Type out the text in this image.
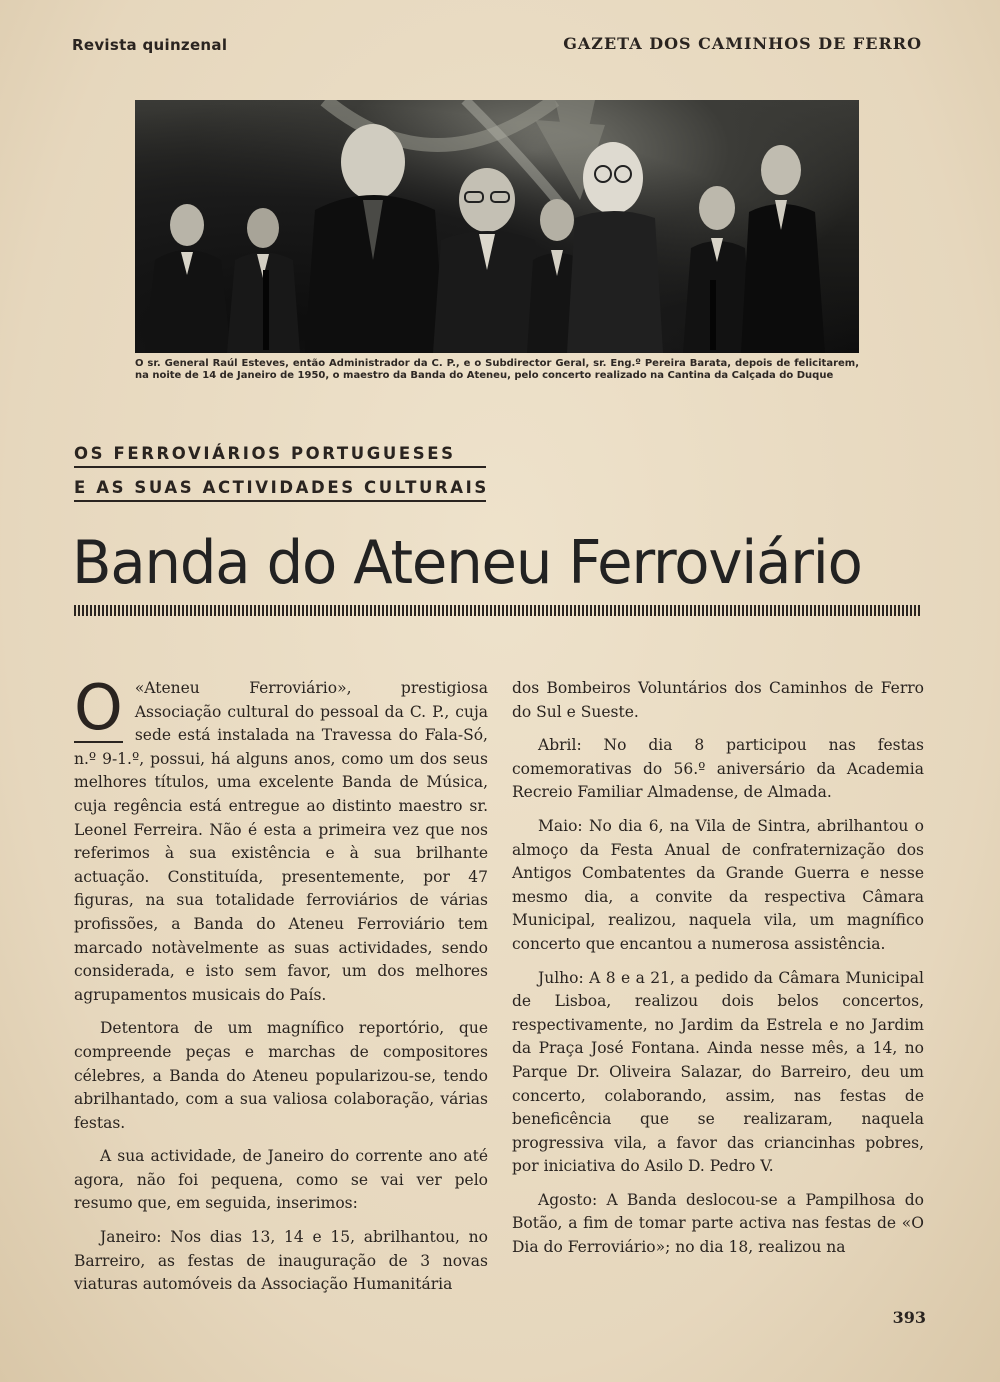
Revista quinzenal	GAZETA DOS CAMINHOS DE FERRO
O sr. General Raúl Esteves, então Administrador da C. P., e o Subdirector Geral, sr. Eng.º Pereira Barata, depois de felicitarem, na noite de 14 de Janeiro de 1950, o maestro da Banda do Ateneu, pelo concerto realizado na Cantina da Calçada do Duque
OS FERROVIÁRIOS PORTUGUESES
E AS SUAS ACTIVIDADES CULTURAIS
Banda do Ateneu Ferroviário

O «Ateneu Ferroviário», prestigiosa Associação cultural do pessoal da C. P., cuja sede está instalada na Travessa do Fala-Só, n.º 9-1.º, possui, há alguns anos, como um dos seus melhores títulos, uma excelente Banda de Música, cuja regência está entregue ao distinto maestro sr. Leonel Ferreira. Não é esta a primeira vez que nos referimos à sua existência e à sua brilhante actuação. Constituída, presentemente, por 47 figuras, na sua totalidade ferroviários de várias profissões, a Banda do Ateneu Ferroviário tem marcado notàvelmente as suas actividades, sendo considerada, e isto sem favor, um dos melhores agrupamentos musicais do País.

Detentora de um magnífico reportório, que compreende peças e marchas de compositores célebres, a Banda do Ateneu popularizou-se, tendo abrilhantado, com a sua valiosa colaboração, várias festas.

A sua actividade, de Janeiro do corrente ano até agora, não foi pequena, como se vai ver pelo resumo que, em seguida, inserimos:

Janeiro: Nos dias 13, 14 e 15, abrilhantou, no Barreiro, as festas de inauguração de 3 novas viaturas automóveis da Associação Humanitária

dos Bombeiros Voluntários dos Caminhos de Ferro do Sul e Sueste.

Abril: No dia 8 participou nas festas comemorativas do 56.º aniversário da Academia Recreio Familiar Almadense, de Almada.

Maio: No dia 6, na Vila de Sintra, abrilhantou o almoço da Festa Anual de confraternização dos Antigos Combatentes da Grande Guerra e nesse mesmo dia, a convite da respectiva Câmara Municipal, realizou, naquela vila, um magnífico concerto que encantou a numerosa assistência.

Julho: A 8 e a 21, a pedido da Câmara Municipal de Lisboa, realizou dois belos concertos, respectivamente, no Jardim da Estrela e no Jardim da Praça José Fontana. Ainda nesse mês, a 14, no Parque Dr. Oliveira Salazar, do Barreiro, deu um concerto, colaborando, assim, nas festas de beneficência que se realizaram, naquela progressiva vila, a favor das criancinhas pobres, por iniciativa do Asilo D. Pedro V.

Agosto: A Banda deslocou-se a Pampilhosa do Botão, a fim de tomar parte activa nas festas de «O Dia do Ferroviário»; no dia 18, realizou na

393
